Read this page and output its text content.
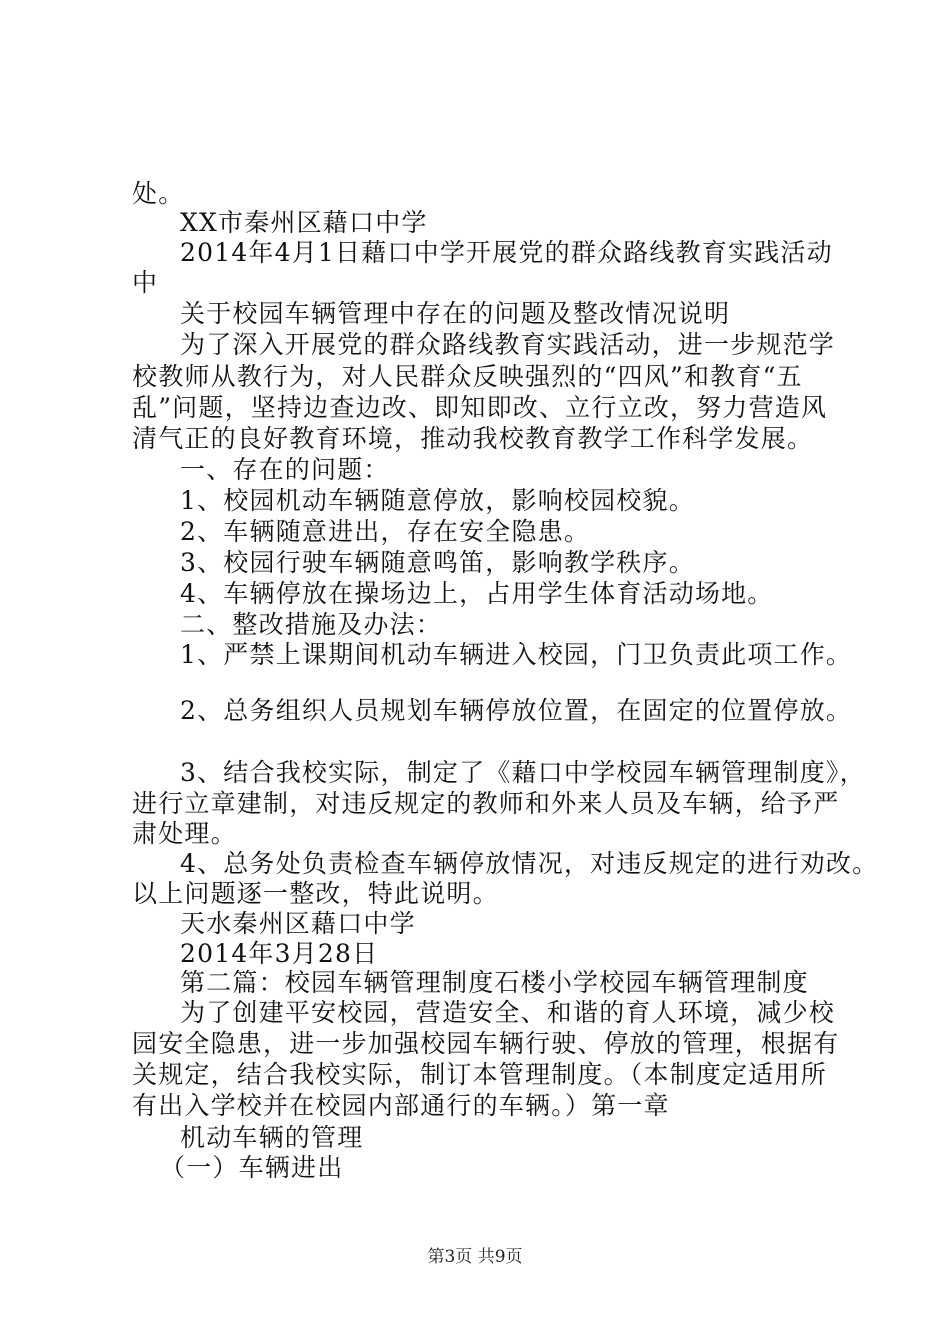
处。
XX市秦州区藉口中学
2014年4月1日藉口中学开展党的群众路线教育实践活动
中
关于校园车辆管理中存在的问题及整改情况说明
为了深入开展党的群众路线教育实践活动，进一步规范学
校教师从教行为，对人民群众反映强烈的“四风”和教育“五
乱”问题，坚持边查边改、即知即改、立行立改，努力营造风
清气正的良好教育环境，推动我校教育教学工作科学发展。
一、存在的问题：
1、校园机动车辆随意停放，影响校园校貌。
2、车辆随意进出，存在安全隐患。
3、校园行驶车辆随意鸣笛，影响教学秩序。
4、车辆停放在操场边上，占用学生体育活动场地。
二、整改措施及办法：
1、严禁上课期间机动车辆进入校园，门卫负责此项工作。
2、总务组织人员规划车辆停放位置，在固定的位置停放。
3、结合我校实际，制定了《藉口中学校园车辆管理制度》，
进行立章建制，对违反规定的教师和外来人员及车辆，给予严
肃处理。
4、总务处负责检查车辆停放情况，对违反规定的进行劝改。
以上问题逐一整改，特此说明。
天水秦州区藉口中学
2014年3月28日
第二篇：校园车辆管理制度石楼小学校园车辆管理制度
为了创建平安校园，营造安全、和谐的育人环境，减少校
园安全隐患，进一步加强校园车辆行驶、停放的管理，根据有
关规定，结合我校实际，制订本管理制度。（本制度定适用所
有出入学校并在校园内部通行的车辆。）第一章
机动车辆的管理
（一）车辆进出
第3页 共9页
